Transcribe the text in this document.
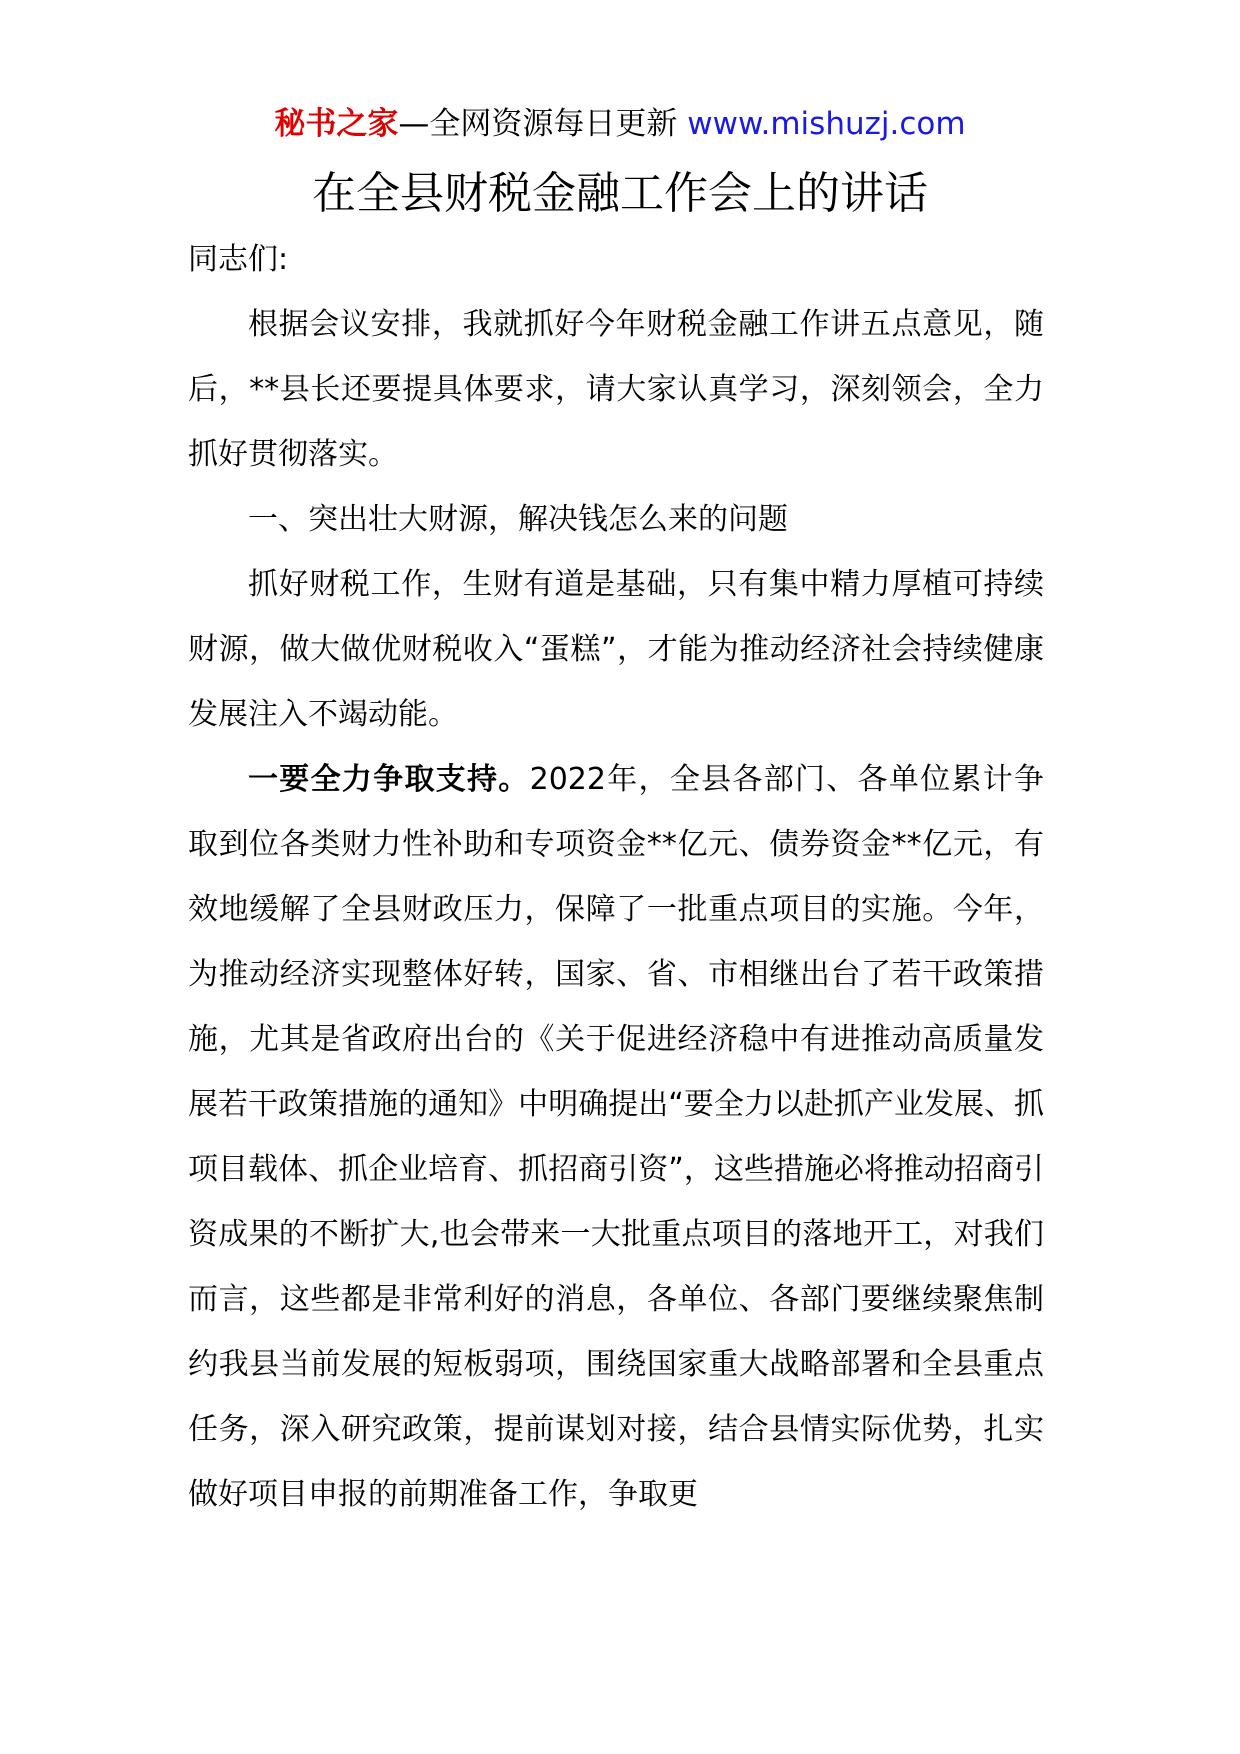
秘书之家—全网资源每日更新 www.mishuzj.com
在全县财税金融工作会上的讲话

同志们:

根据会议安排，我就抓好今年财税金融工作讲五点意见，随后，**县长还要提具体要求，请大家认真学习，深刻领会，全力抓好贯彻落实。

一、突出壮大财源，解决钱怎么来的问题

抓好财税工作，生财有道是基础，只有集中精力厚植可持续财源，做大做优财税收入“蛋糕”，才能为推动经济社会持续健康发展注入不竭动能。

一要全力争取支持。2022年，全县各部门、各单位累计争取到位各类财力性补助和专项资金**亿元、债券资金**亿元，有效地缓解了全县财政压力，保障了一批重点项目的实施。今年，为推动经济实现整体好转，国家、省、市相继出台了若干政策措施，尤其是省政府出台的《关于促进经济稳中有进推动高质量发展若干政策措施的通知》中明确提出“要全力以赴抓产业发展、抓项目载体、抓企业培育、抓招商引资”，这些措施必将推动招商引资成果的不断扩大,也会带来一大批重点项目的落地开工，对我们而言，这些都是非常利好的消息，各单位、各部门要继续聚焦制约我县当前发展的短板弱项，围绕国家重大战略部署和全县重点任务，深入研究政策，提前谋划对接，结合县情实际优势，扎实做好项目申报的前期准备工作，争取更
